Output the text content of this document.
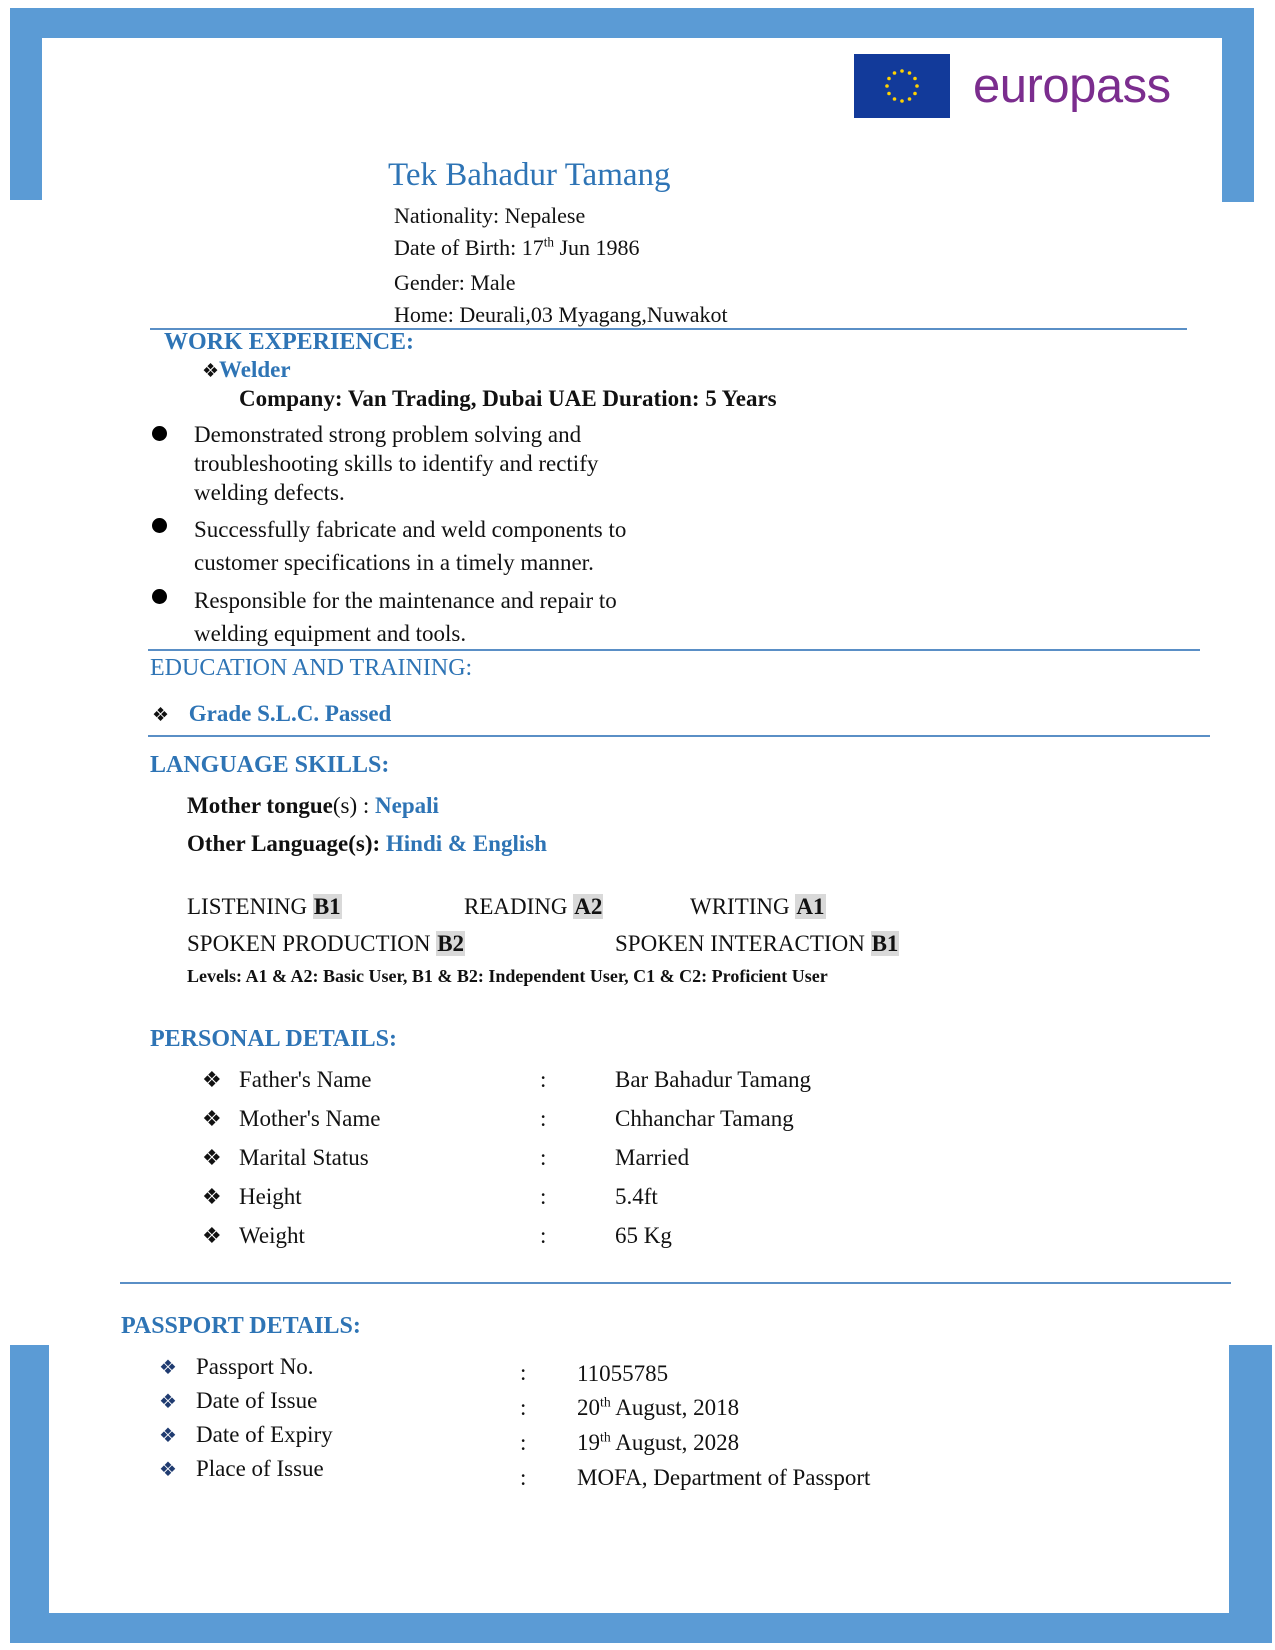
europass
Tek Bahadur Tamang
Nationality: Nepalese
Date of Birth: 17th Jun 1986
Gender: Male
Home: Deurali,03 Myagang,Nuwakot
WORK EXPERIENCE:
❖Welder
Company: Van Trading, Dubai UAE Duration: 5 Years
Demonstrated strong problem solving and
troubleshooting skills to identify and rectify
welding defects.
Successfully fabricate and weld components to
customer specifications in a timely manner.
Responsible for the maintenance and repair to
welding equipment and tools.
EDUCATION AND TRAINING:
❖ Grade S.L.C. Passed
LANGUAGE SKILLS:
Mother tongue(s) : Nepali
Other Language(s): Hindi & English
LISTENING B1	READING A2	WRITING A1
SPOKEN PRODUCTION B2	SPOKEN INTERACTION B1
Levels: A1 & A2: Basic User, B1 & B2: Independent User, C1 & C2: Proficient User
PERSONAL DETAILS:
❖ Father's Name	:	Bar Bahadur Tamang
❖ Mother's Name	:	Chhanchar Tamang
❖ Marital Status	:	Married
❖ Height	:	5.4ft
❖ Weight	:	65 Kg
PASSPORT DETAILS:
❖ Passport No.	: 11055785
❖ Date of Issue	: 20th August, 2018
❖ Date of Expiry	: 19th August, 2028
❖ Place of Issue	: MOFA, Department of Passport
